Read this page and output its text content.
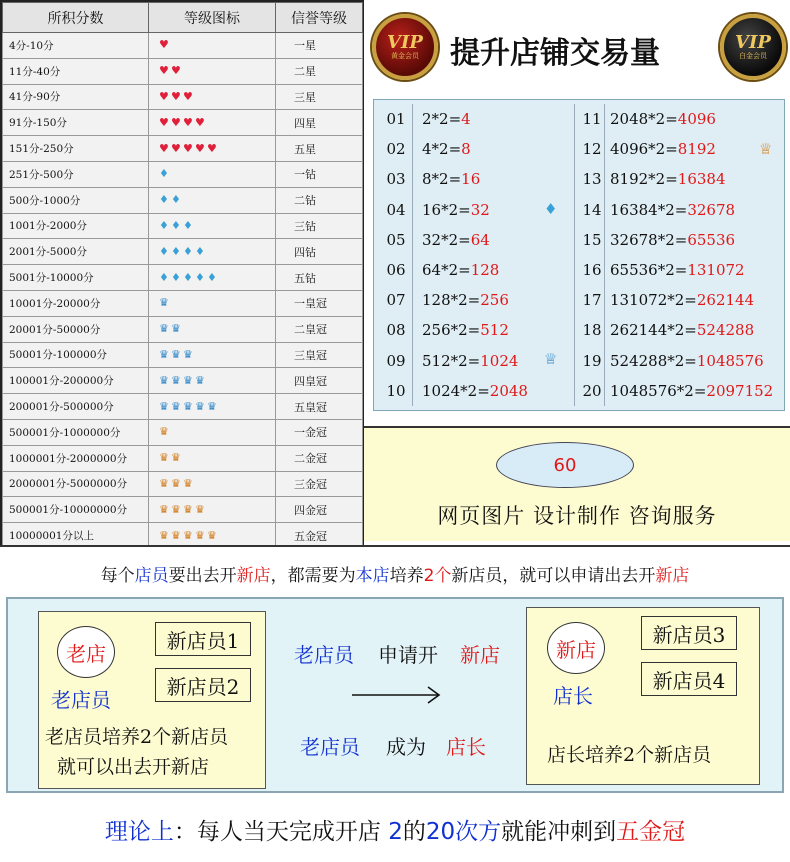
所积分数	等级图标	信誉等级
4分-10分	♥	一星
11分-40分	♥ ♥	二星
41分-90分	♥ ♥ ♥	三星
91分-150分	♥ ♥ ♥ ♥	四星
151分-250分	♥ ♥ ♥ ♥ ♥	五星
251分-500分	♦	一钻
500分-1000分	♦ ♦	二钻
1001分-2000分	♦ ♦ ♦	三钻
2001分-5000分	♦ ♦ ♦ ♦	四钻
5001分-10000分	♦ ♦ ♦ ♦ ♦	五钻
10001分-20000分	♛	一皇冠
20001分-50000分	♛ ♛	二皇冠
50001分-100000分	♛ ♛ ♛	三皇冠
100001分-200000分	♛ ♛ ♛ ♛	四皇冠
200001分-500000分	♛ ♛ ♛ ♛ ♛	五皇冠
500001分-1000000分	♛	一金冠
1000001分-2000000分	♛ ♛	二金冠
2000001分-5000000分	♛ ♛ ♛	三金冠
500001分-10000000分	♛ ♛ ♛ ♛	四金冠
10000001分以上	♛ ♛ ♛ ♛ ♛	五金冠
VIP
黄金会员 提升店铺交易量	VIP
白金会员
01	2*2=4
02	4*2=8
03	8*2=16
04	16*2=32
05	32*2=64
06	64*2=128
07	128*2=256
08	256*2=512
09	512*2=1024
10	1024*2=2048
11 2048*2=4096
12 4096*2=8192
13 8192*2=16384
14 16384*2=32678
15 32678*2=65536
16 65536*2=131072
17 131072*2=262144
18 262144*2=524288
19 524288*2=1048576
20 1048576*2=2097152
♦
♕
♕
60
网页图片 设计制作 咨询服务
每个店员要出去开新店，都需要为本店培养2个新店员，就可以申请出去开新店
老店
老店员
新店员1
新店员2
老店员培养2个新店员
就可以出去开新店
老店员 申请开 新店
老店员 成为 店长
新店
店长
新店员3
新店员4
店长培养2个新店员
理论上：每人当天完成开店 2的20次方就能冲刺到五金冠
